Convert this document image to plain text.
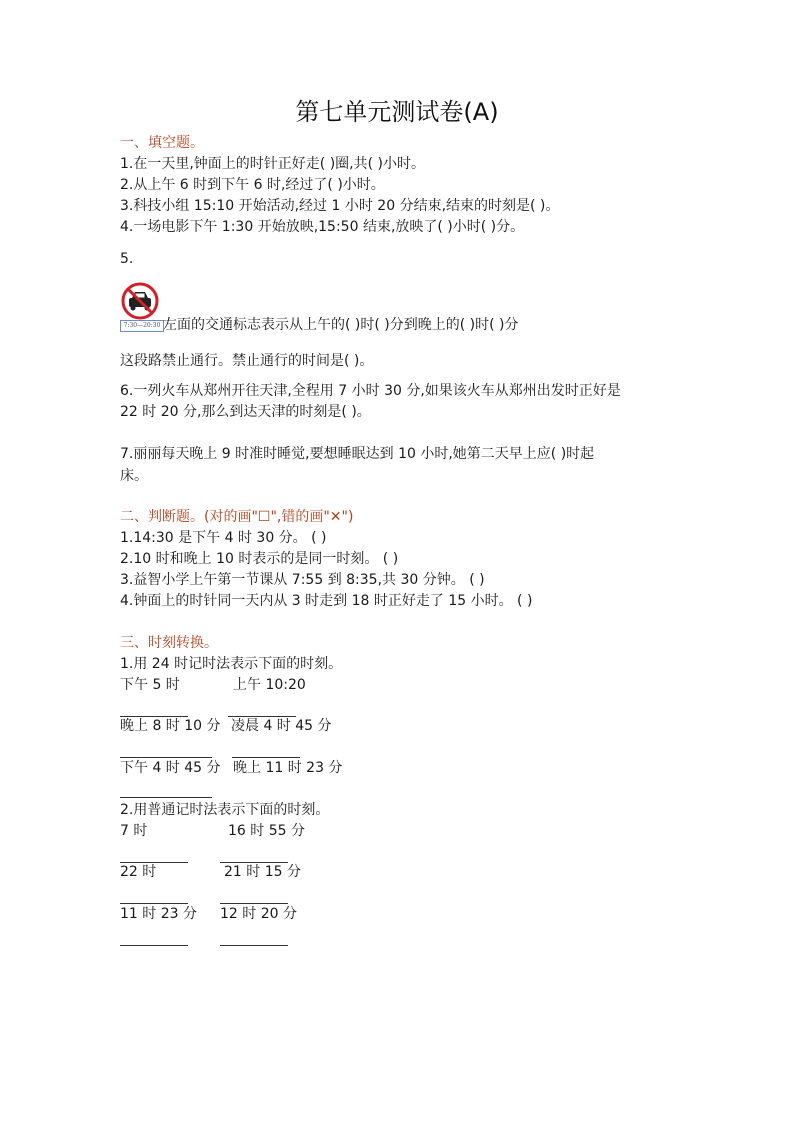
第七单元测试卷(A)
一、填空题。
1.在一天里,钟面上的时针正好走( )圈,共( )小时。
2.从上午 6 时到下午 6 时,经过了( )小时。
3.科技小组 15:10 开始活动,经过 1 小时 20 分结束,结束的时刻是( )。
4.一场电影下午 1:30 开始放映,15:50 结束,放映了( )小时( )分。
5.
7:30—20:30 左面的交通标志表示从上午的( )时( )分到晚上的( )时( )分
这段路禁止通行。禁止通行的时间是( )。
6.一列火车从郑州开往天津,全程用 7 小时 30 分,如果该火车从郑州出发时正好是
22 时 20 分,那么到达天津的时刻是( )。
7.丽丽每天晚上 9 时准时睡觉,要想睡眠达到 10 小时,她第二天早上应( )时起
床。
二、判断题。(对的画"☐",错的画"✕")
1.14:30 是下午 4 时 30 分。 ( )
2.10 时和晚上 10 时表示的是同一时刻。 ( )
3.益智小学上午第一节课从 7:55 到 8:35,共 30 分钟。 ( )
4.钟面上的时针同一天内从 3 时走到 18 时正好走了 15 小时。 ( )
三、时刻转换。
1.用 24 时记时法表示下面的时刻。
下午 5 时	上午 10:20
晚上 8 时 10 分 凌晨 4 时 45 分
下午 4 时 45 分 晚上 11 时 23 分
2.用普通记时法表示下面的时刻。
7 时	16 时 55 分
22 时	21 时 15 分
11 时 23 分 12 时 20 分
